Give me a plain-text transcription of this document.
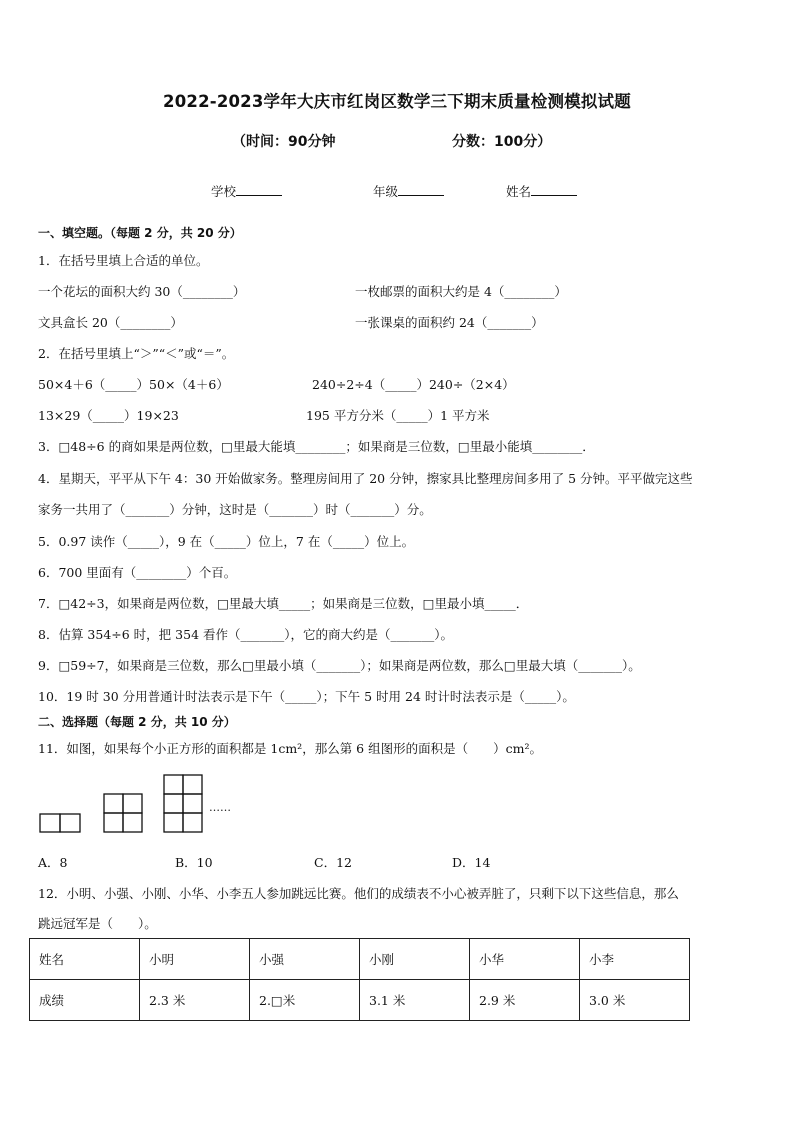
2022-2023学年大庆市红岗区数学三下期末质量检测模拟试题
（时间：90分钟	分数：100分）
学校	年级	姓名
一、填空题。（每题 2 分，共 20 分）
1．在括号里填上合适的单位。
一个花坛的面积大约 30（________）	一枚邮票的面积大约是 4（________）
文具盒长 20（________）	一张课桌的面积约 24（_______）
2．在括号里填上“＞”“＜”或“＝”。
50×4＋6（_____）50×（4＋6）	240÷2÷4（_____）240÷（2×4）
13×29（_____）19×23	195 平方分米（_____）1 平方米
3．□48÷6 的商如果是两位数，□里最大能填________；如果商是三位数，□里最小能填________．
4．星期天，平平从下午 4：30 开始做家务。整理房间用了 20 分钟，擦家具比整理房间多用了 5 分钟。平平做完这些
家务一共用了（_______）分钟，这时是（_______）时（_______）分。
5．0.97 读作（_____），9 在（_____）位上，7 在（_____）位上。
6．700 里面有（________）个百。
7．□42÷3，如果商是两位数，□里最大填_____；如果商是三位数，□里最小填_____．
8．估算 354÷6 时，把 354 看作（_______），它的商大约是（_______）。
9．□59÷7，如果商是三位数，那么□里最小填（_______）；如果商是两位数，那么□里最大填（_______）。
10．19 时 30 分用普通计时法表示是下午（_____）；下午 5 时用 24 时计时法表示是（_____）。
二、选择题（每题 2 分，共 10 分）
11．如图，如果每个小正方形的面积都是 1cm²，那么第 6 组图形的面积是（　　）cm²。
……
A．8	B．10	C．12	D．14
12．小明、小强、小刚、小华、小李五人参加跳远比赛。他们的成绩表不小心被弄脏了，只剩下以下这些信息，那么
跳远冠军是（　　）。
姓名	小明	小强	小刚	小华	小李
成绩	2.3 米	2.□米	3.1 米	2.9 米	3.0 米
